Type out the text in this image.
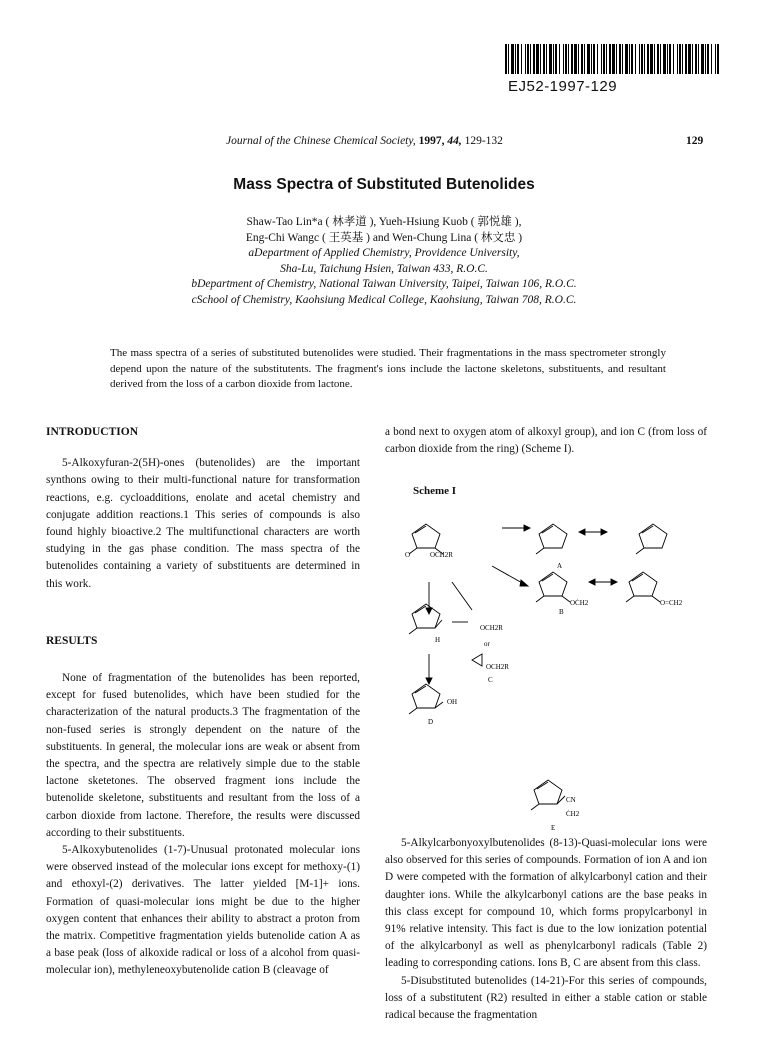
EJ52-1997-129
Journal of the Chinese Chemical Society, 1997, 44, 129-132	129
Mass Spectra of Substituted Butenolides
Shaw-Tao Lin*a ( 林孝道 ), Yueh-Hsiung Kuob ( 郭悦雄 ),
Eng-Chi Wangc ( 王英基 ) and Wen-Chung Lina ( 林文忠 )
aDepartment of Applied Chemistry, Providence University,
Sha-Lu, Taichung Hsien, Taiwan 433, R.O.C.
bDepartment of Chemistry, National Taiwan University, Taipei, Taiwan 106, R.O.C.
cSchool of Chemistry, Kaohsiung Medical College, Kaohsiung, Taiwan 708, R.O.C.
The mass spectra of a series of substituted butenolides were studied. Their fragmentations in the mass spectrometer strongly depend upon the nature of the substitutents. The fragment's ions include the lactone skeletons, substituents, and resultant derived from the loss of a carbon dioxide from lactone.

INTRODUCTION

5-Alkoxyfuran-2(5H)-ones (butenolides) are the important synthons owing to their multi-functional nature for transformation reactions, e.g. cycloadditions, enolate and acetal chemistry and conjugate addition reactions.1 This series of compounds is also found highly bioactive.2 The multifunctional characters are worth studying in the gas phase condition. The mass spectra of the butenolides containing a variety of substituents are determined in this work.

RESULTS

None of fragmentation of the butenolides has been reported, except for fused butenolides, which have been studied for the characterization of the natural products.3 The fragmentation of the non-fused series is strongly dependent on the nature of the substituents. In general, the molecular ions are weak or absent from the spectra, and the spectra are relatively simple due to the stable lactone sketetones. The observed fragment ions include the butenolide skeletone, substituents and resultant from the loss of a carbon dioxide from lactone. Therefore, the results were discussed according to their substituents.

5-Alkoxybutenolides (1-7)-Unusual protonated molecular ions were observed instead of the molecular ions except for methoxy-(1) and ethoxyl-(2) derivatives. The latter yielded [M-1]+ ions. Formation of quasi-molecular ions might be due to the higher oxygen content that enhances their ability to abstract a proton from the matrix. Competitive fragmentation yields butenolide cation A as a base peak (loss of alkoxide radical or loss of a alcohol from quasi-molecular ion), methyleneoxybutenolide cation B (cleavage of

a bond next to oxygen atom of alkoxyl group), and ion C (from loss of carbon dioxide from the ring) (Scheme I).

Scheme I
O	OCH2R
A
OĊH2
B
O=CH2
OCH2R
or
OCH2R
C
H
OH
D
CN
ĊH2
E

5-Alkylcarbonyoxylbutenolides (8-13)-Quasi-molecular ions were also observed for this series of compounds. Formation of ion A and ion D were competed with the formation of alkylcarbonyl cation and their daughter ions. While the alkylcarbonyl cations are the base peaks in this class except for compound 10, which forms propylcarbonyl in 91% relative intensity. This fact is due to the low ionization potential of the alkylcarbonyl as well as phenylcarbonyl radicals (Table 2) leading to corresponding cations. Ions B, C are absent from this class.

5-Disubstituted butenolides (14-21)-For this series of compounds, loss of a substitutent (R2) resulted in either a stable cation or stable radical because the fragmentation
